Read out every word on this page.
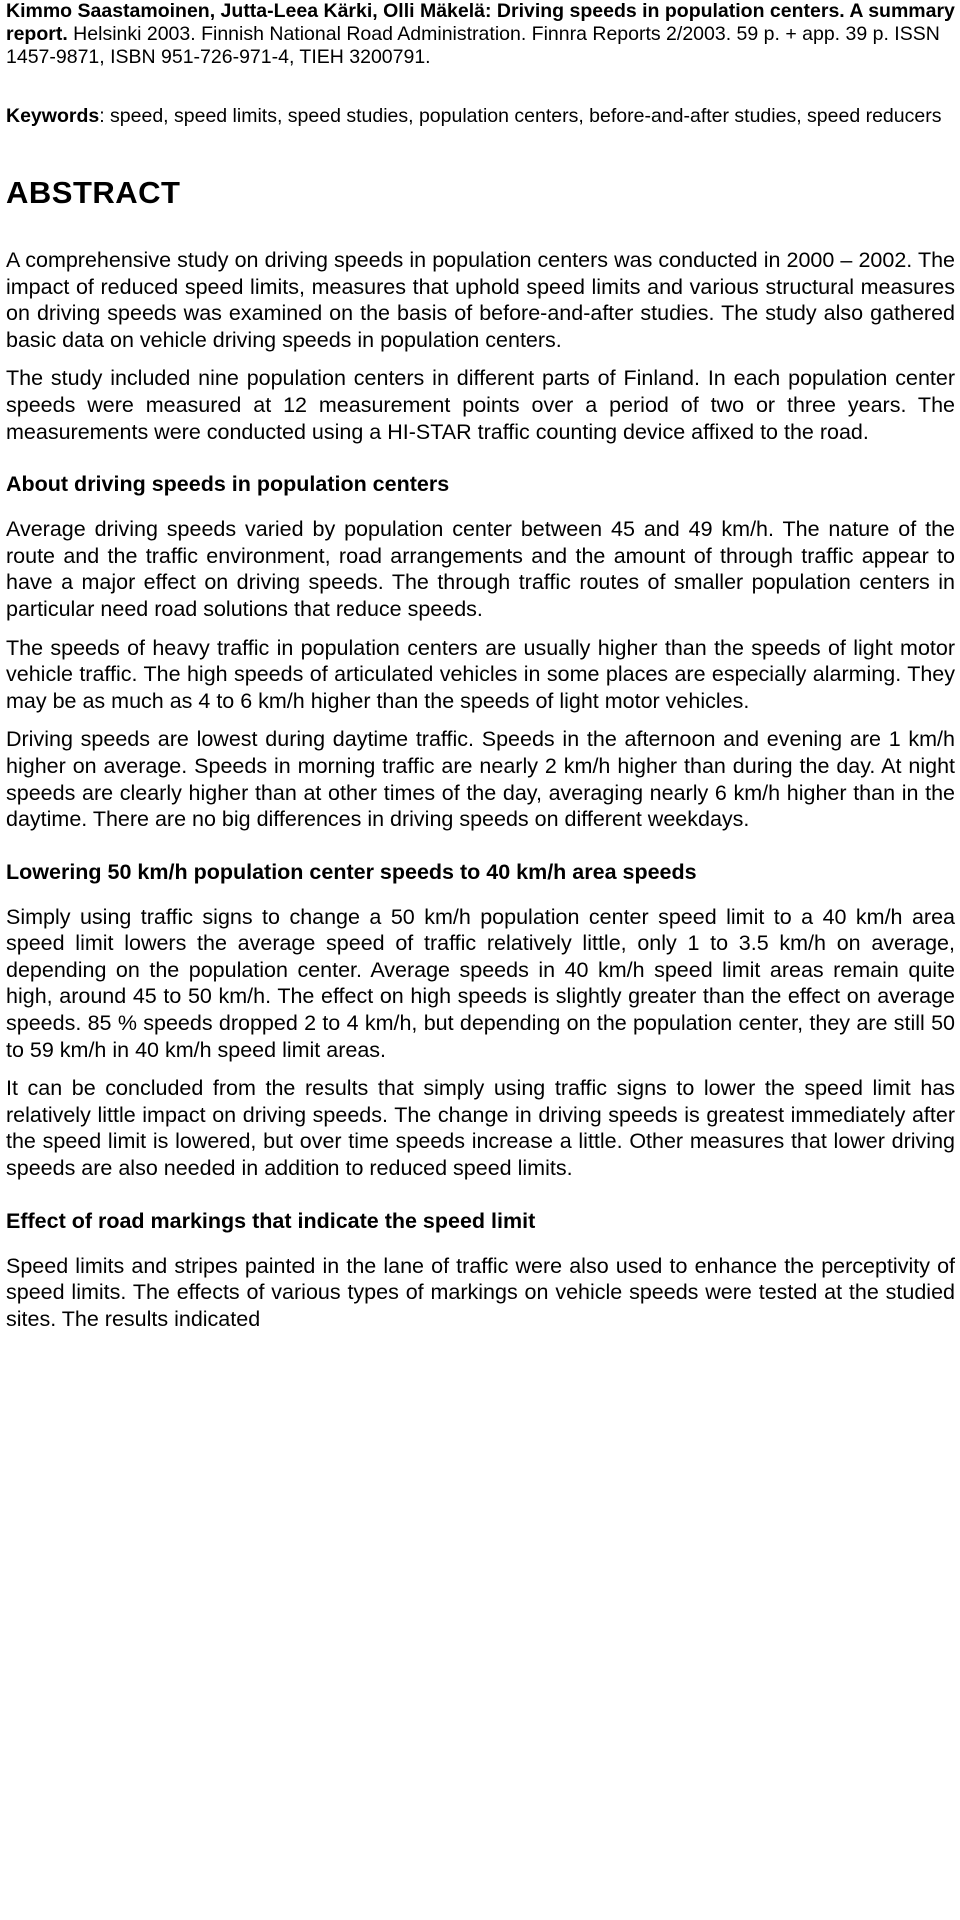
Kimmo Saastamoinen, Jutta-Leea Kärki, Olli Mäkelä: Driving speeds in population centers. A summary report. Helsinki 2003. Finnish National Road Administration. Finnra Reports 2/2003. 59 p. + app. 39 p. ISSN 1457-9871, ISBN 951-726-971-4, TIEH 3200791.

Keywords: speed, speed limits, speed studies, population centers, before-and-after studies, speed reducers

ABSTRACT

A comprehensive study on driving speeds in population centers was conducted in 2000 – 2002. The impact of reduced speed limits, measures that uphold speed limits and various structural measures on driving speeds was examined on the basis of before-and-after studies. The study also gathered basic data on vehicle driving speeds in population centers.

The study included nine population centers in different parts of Finland. In each population center speeds were measured at 12 measurement points over a period of two or three years. The measurements were conducted using a HI-STAR traffic counting device affixed to the road.

About driving speeds in population centers

Average driving speeds varied by population center between 45 and 49 km/h. The nature of the route and the traffic environment, road arrangements and the amount of through traffic appear to have a major effect on driving speeds. The through traffic routes of smaller population centers in particular need road solutions that reduce speeds.

The speeds of heavy traffic in population centers are usually higher than the speeds of light motor vehicle traffic. The high speeds of articulated vehicles in some places are especially alarming. They may be as much as 4 to 6 km/h higher than the speeds of light motor vehicles.

Driving speeds are lowest during daytime traffic. Speeds in the afternoon and evening are 1 km/h higher on average. Speeds in morning traffic are nearly 2 km/h higher than during the day. At night speeds are clearly higher than at other times of the day, averaging nearly 6 km/h higher than in the daytime. There are no big differences in driving speeds on different weekdays.

Lowering 50 km/h population center speeds to 40 km/h area speeds

Simply using traffic signs to change a 50 km/h population center speed limit to a 40 km/h area speed limit lowers the average speed of traffic relatively little, only 1 to 3.5 km/h on average, depending on the population center. Average speeds in 40 km/h speed limit areas remain quite high, around 45 to 50 km/h. The effect on high speeds is slightly greater than the effect on average speeds. 85 % speeds dropped 2 to 4 km/h, but depending on the population center, they are still 50 to 59 km/h in 40 km/h speed limit areas.

It can be concluded from the results that simply using traffic signs to lower the speed limit has relatively little impact on driving speeds. The change in driving speeds is greatest immediately after the speed limit is lowered, but over time speeds increase a little. Other measures that lower driving speeds are also needed in addition to reduced speed limits.

Effect of road markings that indicate the speed limit

Speed limits and stripes painted in the lane of traffic were also used to enhance the perceptivity of speed limits. The effects of various types of markings on vehicle speeds were tested at the studied sites. The results indicated
